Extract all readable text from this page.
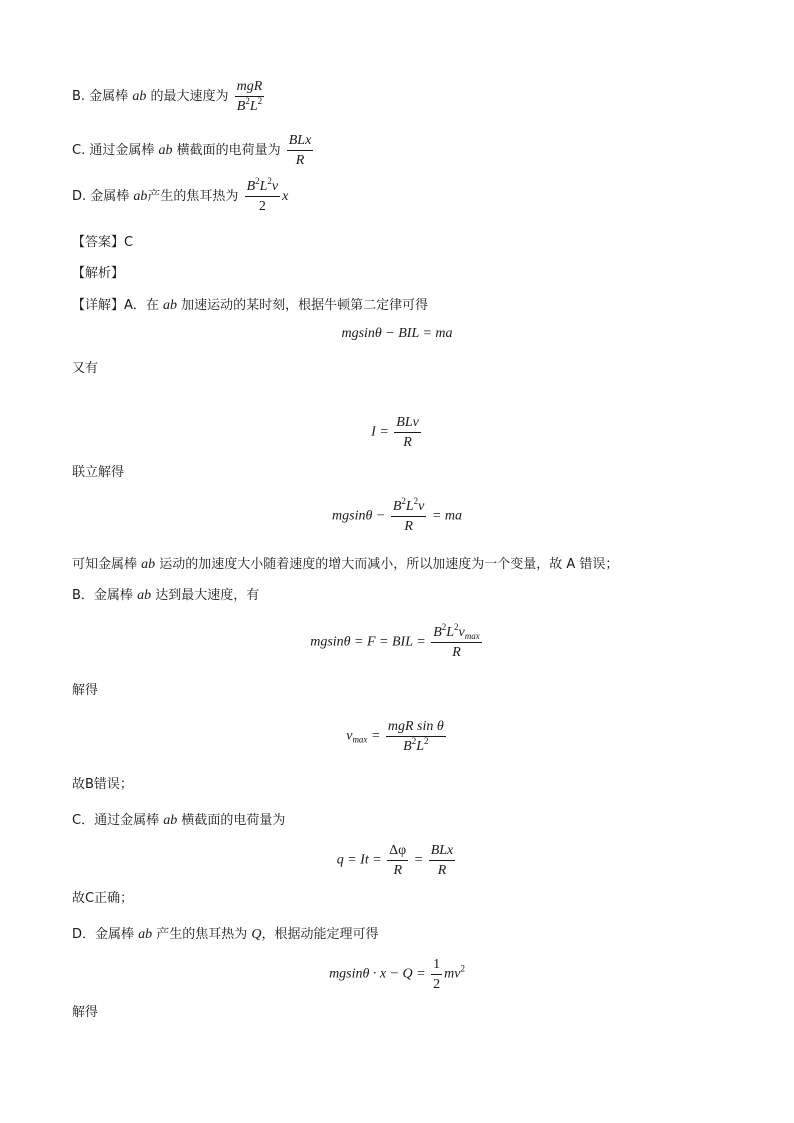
B. 金属棒 ab 的最大速度为 $\frac{\text{mgR}}{B^2L^2}$
C. 通过金属棒 ab 横截面的电荷量为 $\frac{\text{BLx}}{R}$
D. 金属棒 ab产生的焦耳热为 $\frac{B^2L^2v}{2}$ x
【答案】C
【解析】
【详解】A．在 ab 加速运动的某时刻，根据牛顿第二定律可得
mgsinθ − BIL = ma
又有
$I = \frac{\text{BLv}}{R}$
联立解得
$mgsin\theta - \frac{B^2L^2v}{R}$ = ma
可知金属棒 ab 运动的加速度大小随着速度的增大而减小，所以加速度为一个变量，故 A 错误；
B．金属棒 ab 达到最大速度，有
mgsinθ = F = BIL = $\frac{B^2L^2v_{max}}{R}$
解得
$v_{max} = \frac{\text{mgR sin θ}}{B^2L^2}$
故B错误；
C．通过金属棒 ab 横截面的电荷量为
$q = It = \frac{\Delta\varphi}{R} = \frac{\text{BLx}}{R}$
故C正确；
D．金属棒 ab 产生的焦耳热为 Q，根据动能定理可得
$mgsin\theta \cdot x - Q = \frac{1}{2} mv^2$
解得
